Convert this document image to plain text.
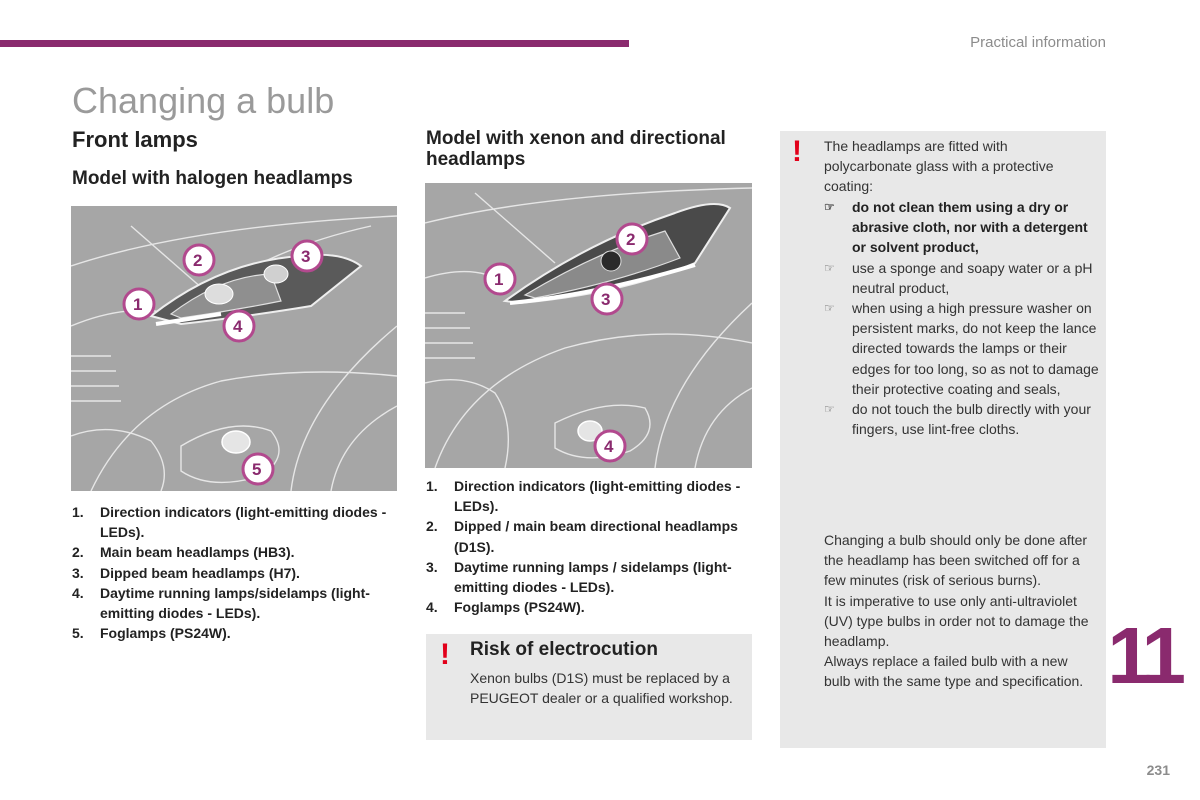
Practical information
Changing a bulb
Front lamps
Model with halogen headlamps
Model with xenon and directional headlamps
1
2	3
4
5
1
2
3
4
1. Direction indicators (light-emitting diodes - LEDs).
2. Main beam headlamps (HB3).
3. Dipped beam headlamps (H7).
4. Daytime running lamps/sidelamps (light-emitting diodes - LEDs).
5. Foglamps (PS24W).
1. Direction indicators (light-emitting diodes - LEDs).
2. Dipped / main beam directional headlamps (D1S).
3. Daytime running lamps / sidelamps (light-emitting diodes - LEDs).
4. Foglamps (PS24W).
! Risk of electrocution
Xenon bulbs (D1S) must be replaced by a PEUGEOT dealer or a qualified workshop.
! The headlamps are fitted with polycarbonate glass with a protective coating:
☞ do not clean them using a dry or abrasive cloth, nor with a detergent or solvent product,
☞ use a sponge and soapy water or a pH neutral product,
☞ when using a high pressure washer on persistent marks, do not keep the lance directed towards the lamps or their edges for too long, so as not to damage their protective coating and seals,
☞ do not touch the bulb directly with your fingers, use lint-free cloths.

Changing a bulb should only be done after the headlamp has been switched off for a few minutes (risk of serious burns).

It is imperative to use only anti-ultraviolet (UV) type bulbs in order not to damage the headlamp.

Always replace a failed bulb with a new bulb with the same type and specification. 11
231
